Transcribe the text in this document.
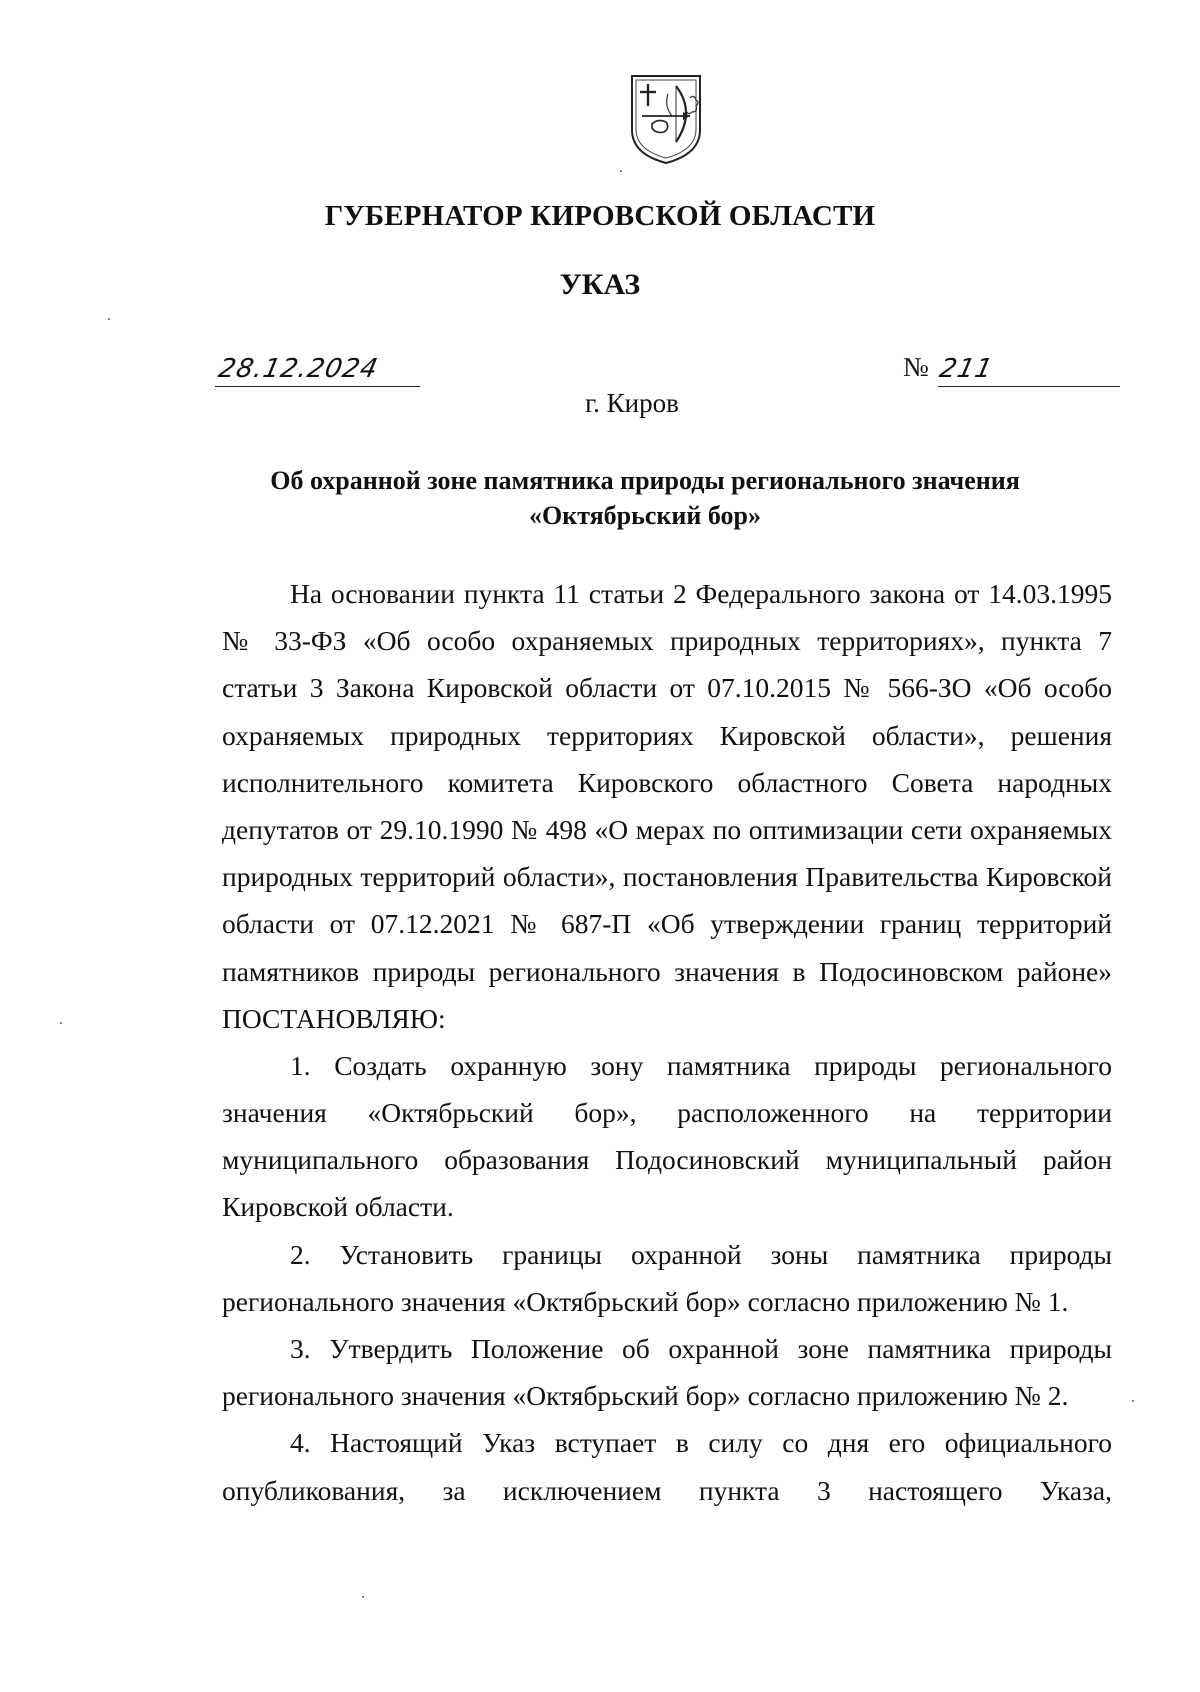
ГУБЕРНАТОР КИРОВСКОЙ ОБЛАСТИ
УКАЗ
28.12.2024	№ 211
г. Киров
Об охранной зоне памятника природы регионального значения
«Октябрьский бор»
На основании пункта 11 статьи 2 Федерального закона от 14.03.1995
№ 33-ФЗ «Об особо охраняемых природных территориях», пункта 7
статьи 3 Закона Кировской области от 07.10.2015 № 566-ЗО «Об особо
охраняемых природных территориях Кировской области», решения
исполнительного комитета Кировского областного Совета народных
депутатов от 29.10.1990 № 498 «О мерах по оптимизации сети охраняемых
природных территорий области», постановления Правительства Кировской
области от 07.12.2021 № 687-П «Об утверждении границ территорий
памятников природы регионального значения в Подосиновском районе»
ПОСТАНОВЛЯЮ:
1. Создать охранную зону памятника природы регионального
значения «Октябрьский бор», расположенного на территории
муниципального образования Подосиновский муниципальный район
Кировской области.
2. Установить границы охранной зоны памятника природы
регионального значения «Октябрьский бор» согласно приложению № 1.
3. Утвердить Положение об охранной зоне памятника природы
регионального значения «Октябрьский бор» согласно приложению № 2.
4. Настоящий Указ вступает в силу со дня его официального
опубликования, за исключением пункта 3 настоящего Указа,
